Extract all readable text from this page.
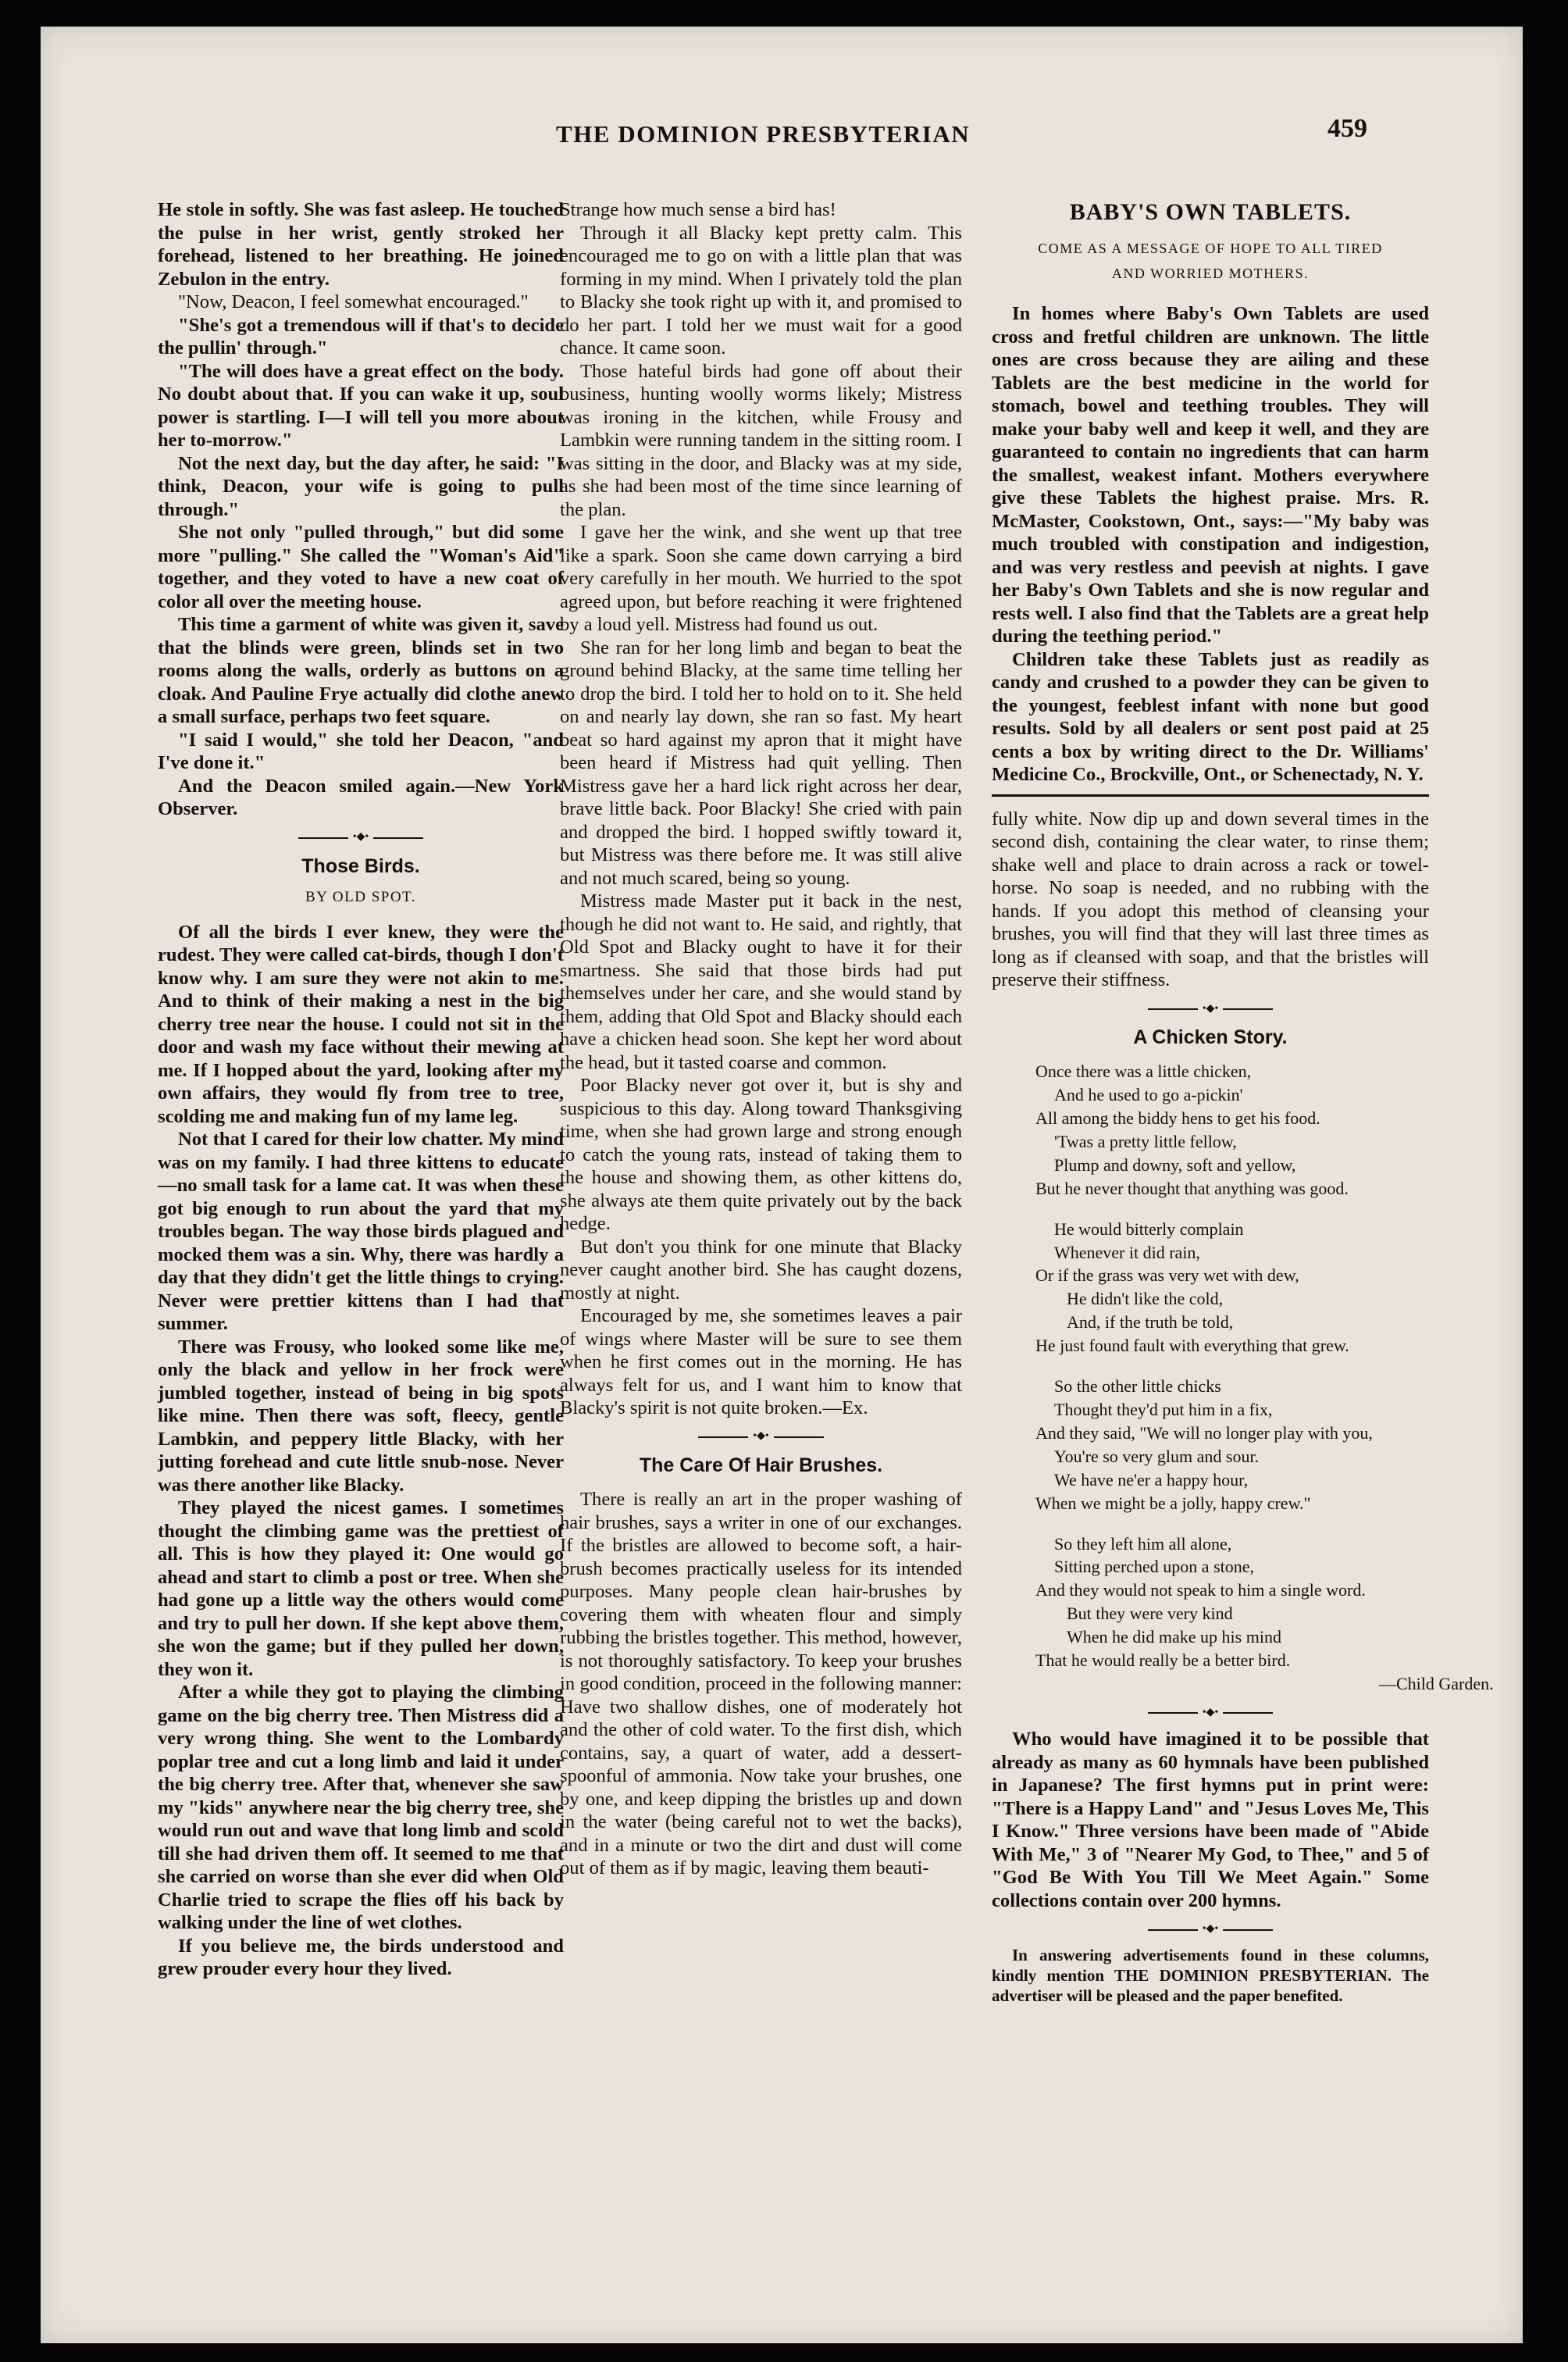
THE DOMINION PRESBYTERIAN	459

He stole in softly. She was fast asleep. He touched the pulse in her wrist, gently stroked her forehead, listened to her breathing. He joined Zebulon in the entry.

"Now, Deacon, I feel somewhat encouraged."

"She's got a tremendous will if that's to decide the pullin' through."

"The will does have a great effect on the body. No doubt about that. If you can wake it up, soul power is startling. I—I will tell you more about her to-morrow."

Not the next day, but the day after, he said: "I think, Deacon, your wife is going to pull through."

She not only "pulled through," but did some more "pulling." She called the "Woman's Aid" together, and they voted to have a new coat of color all over the meeting house.

This time a garment of white was given it, save that the blinds were green, blinds set in two rooms along the walls, orderly as buttons on a cloak. And Pauline Frye actually did clothe anew a small surface, perhaps two feet square.

"I said I would," she told her Deacon, "and I've done it."

And the Deacon smiled again.—New York Observer.

•◆•
Those Birds.
BY OLD SPOT.

Of all the birds I ever knew, they were the rudest. They were called cat-birds, though I don't know why. I am sure they were not akin to me. And to think of their making a nest in the big cherry tree near the house. I could not sit in the door and wash my face without their mewing at me. If I hopped about the yard, looking after my own affairs, they would fly from tree to tree, scolding me and making fun of my lame leg.

Not that I cared for their low chatter. My mind was on my family. I had three kittens to educate—no small task for a lame cat. It was when these got big enough to run about the yard that my troubles began. The way those birds plagued and mocked them was a sin. Why, there was hardly a day that they didn't get the little things to crying. Never were prettier kittens than I had that summer.

There was Frousy, who looked some like me, only the black and yellow in her frock were jumbled together, instead of being in big spots like mine. Then there was soft, fleecy, gentle Lambkin, and peppery little Blacky, with her jutting forehead and cute little snub-nose. Never was there another like Blacky.

They played the nicest games. I sometimes thought the climbing game was the prettiest of all. This is how they played it: One would go ahead and start to climb a post or tree. When she had gone up a little way the others would come and try to pull her down. If she kept above them, she won the game; but if they pulled her down, they won it.

After a while they got to playing the climbing game on the big cherry tree. Then Mistress did a very wrong thing. She went to the Lombardy poplar tree and cut a long limb and laid it under the big cherry tree. After that, whenever she saw my "kids" anywhere near the big cherry tree, she would run out and wave that long limb and scold till she had driven them off. It seemed to me that she carried on worse than she ever did when Old Charlie tried to scrape the flies off his back by walking under the line of wet clothes.

If you believe me, the birds understood and grew prouder every hour they lived.

Strange how much sense a bird has!

Through it all Blacky kept pretty calm. This encouraged me to go on with a little plan that was forming in my mind. When I privately told the plan to Blacky she took right up with it, and promised to do her part. I told her we must wait for a good chance. It came soon.

Those hateful birds had gone off about their business, hunting woolly worms likely; Mistress was ironing in the kitchen, while Frousy and Lambkin were running tandem in the sitting room. I was sitting in the door, and Blacky was at my side, as she had been most of the time since learning of the plan.

I gave her the wink, and she went up that tree like a spark. Soon she came down carrying a bird very carefully in her mouth. We hurried to the spot agreed upon, but before reaching it were frightened by a loud yell. Mistress had found us out.

She ran for her long limb and began to beat the ground behind Blacky, at the same time telling her to drop the bird. I told her to hold on to it. She held on and nearly lay down, she ran so fast. My heart beat so hard against my apron that it might have been heard if Mistress had quit yelling. Then Mistress gave her a hard lick right across her dear, brave little back. Poor Blacky! She cried with pain and dropped the bird. I hopped swiftly toward it, but Mistress was there before me. It was still alive and not much scared, being so young.

Mistress made Master put it back in the nest, though he did not want to. He said, and rightly, that Old Spot and Blacky ought to have it for their smartness. She said that those birds had put themselves under her care, and she would stand by them, adding that Old Spot and Blacky should each have a chicken head soon. She kept her word about the head, but it tasted coarse and common.

Poor Blacky never got over it, but is shy and suspicious to this day. Along toward Thanksgiving time, when she had grown large and strong enough to catch the young rats, instead of taking them to the house and showing them, as other kittens do, she always ate them quite privately out by the back hedge.

But don't you think for one minute that Blacky never caught another bird. She has caught dozens, mostly at night.

Encouraged by me, she sometimes leaves a pair of wings where Master will be sure to see them when he first comes out in the morning. He has always felt for us, and I want him to know that Blacky's spirit is not quite broken.—Ex.

•◆•
The Care Of Hair Brushes.

There is really an art in the proper washing of hair brushes, says a writer in one of our exchanges. If the bristles are allowed to become soft, a hair-brush becomes practically useless for its intended purposes. Many people clean hair-brushes by covering them with wheaten flour and simply rubbing the bristles together. This method, however, is not thoroughly satisfactory. To keep your brushes in good condition, proceed in the following manner: Have two shallow dishes, one of moderately hot and the other of cold water. To the first dish, which contains, say, a quart of water, add a dessert-spoonful of ammonia. Now take your brushes, one by one, and keep dipping the bristles up and down in the water (being careful not to wet the backs), and in a minute or two the dirt and dust will come out of them as if by magic, leaving them beauti-

BABY'S OWN TABLETS.
COME AS A MESSAGE OF HOPE TO ALL TIRED
AND WORRIED MOTHERS.

In homes where Baby's Own Tablets are used cross and fretful children are unknown. The little ones are cross because they are ailing and these Tablets are the best medicine in the world for stomach, bowel and teething troubles. They will make your baby well and keep it well, and they are guaranteed to contain no ingredients that can harm the smallest, weakest infant. Mothers everywhere give these Tablets the highest praise. Mrs. R. McMaster, Cookstown, Ont., says:—"My baby was much troubled with constipation and indigestion, and was very restless and peevish at nights. I gave her Baby's Own Tablets and she is now regular and rests well. I also find that the Tablets are a great help during the teething period."

Children take these Tablets just as readily as candy and crushed to a powder they can be given to the youngest, feeblest infant with none but good results. Sold by all dealers or sent post paid at 25 cents a box by writing direct to the Dr. Williams' Medicine Co., Brockville, Ont., or Schenectady, N. Y.

fully white. Now dip up and down several times in the second dish, containing the clear water, to rinse them; shake well and place to drain across a rack or towel-horse. No soap is needed, and no rubbing with the hands. If you adopt this method of cleansing your brushes, you will find that they will last three times as long as if cleansed with soap, and that the bristles will preserve their stiffness.

•◆•
A Chicken Story.
Once there was a little chicken,
And he used to go a-pickin'
All among the biddy hens to get his food.
'Twas a pretty little fellow,
Plump and downy, soft and yellow,
But he never thought that anything was good.
He would bitterly complain
Whenever it did rain,
Or if the grass was very wet with dew,
He didn't like the cold,
And, if the truth be told,
He just found fault with everything that grew.
So the other little chicks
Thought they'd put him in a fix,
And they said, "We will no longer play with you,
You're so very glum and sour.
We have ne'er a happy hour,
When we might be a jolly, happy crew."
So they left him all alone,
Sitting perched upon a stone,
And they would not speak to him a single word.
But they were very kind
When he did make up his mind
That he would really be a better bird.
—Child Garden.
•◆•

Who would have imagined it to be possible that already as many as 60 hymnals have been published in Japanese? The first hymns put in print were: "There is a Happy Land" and "Jesus Loves Me, This I Know." Three versions have been made of "Abide With Me," 3 of "Nearer My God, to Thee," and 5 of "God Be With You Till We Meet Again." Some collections contain over 200 hymns.

•◆•

In answering advertisements found in these columns, kindly mention THE DOMINION PRESBYTERIAN. The advertiser will be pleased and the paper benefited.
